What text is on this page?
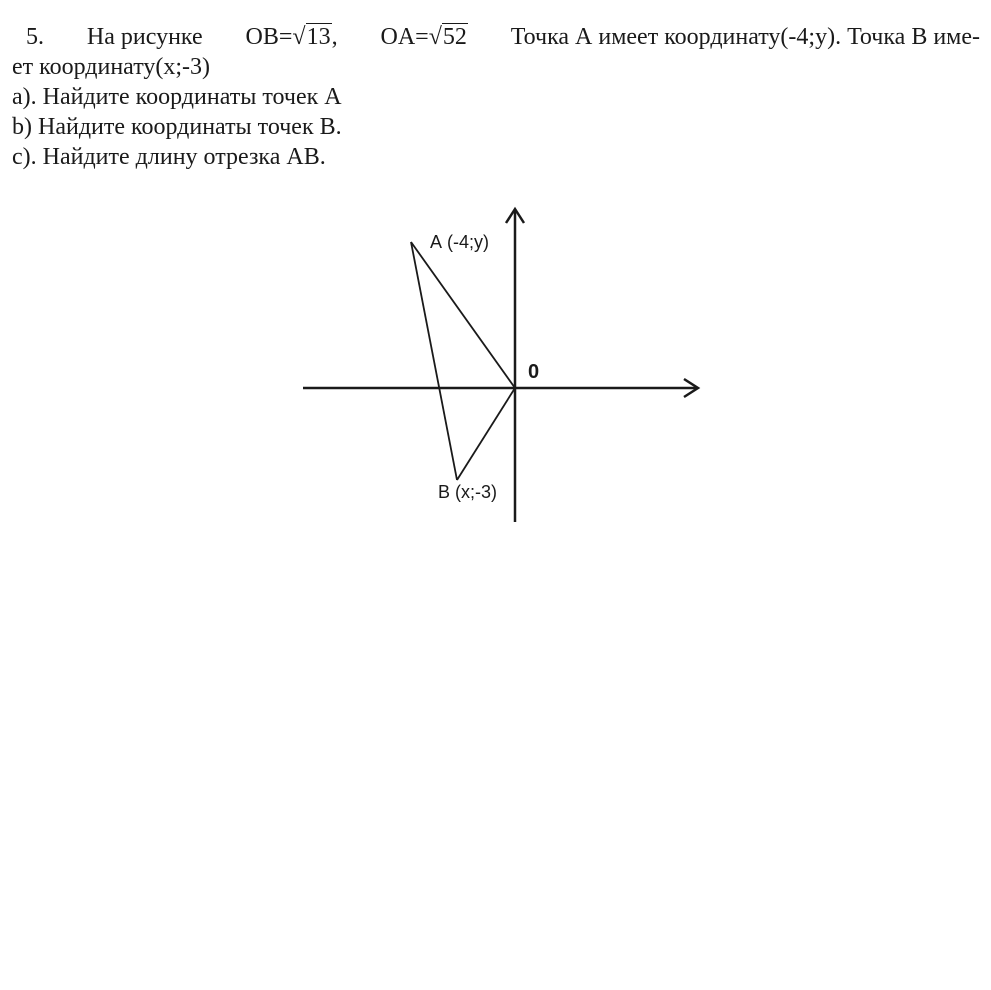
5. На рисунке OB=√13, OA=√52 Точка А имеет координату(-4;у). Точка В име-
ет координату(х;-3)
а). Найдите координаты точек А
b) Найдите координаты точек В.
с). Найдите длину отрезка АВ.
А (-4;у)
В (х;-3)
0
